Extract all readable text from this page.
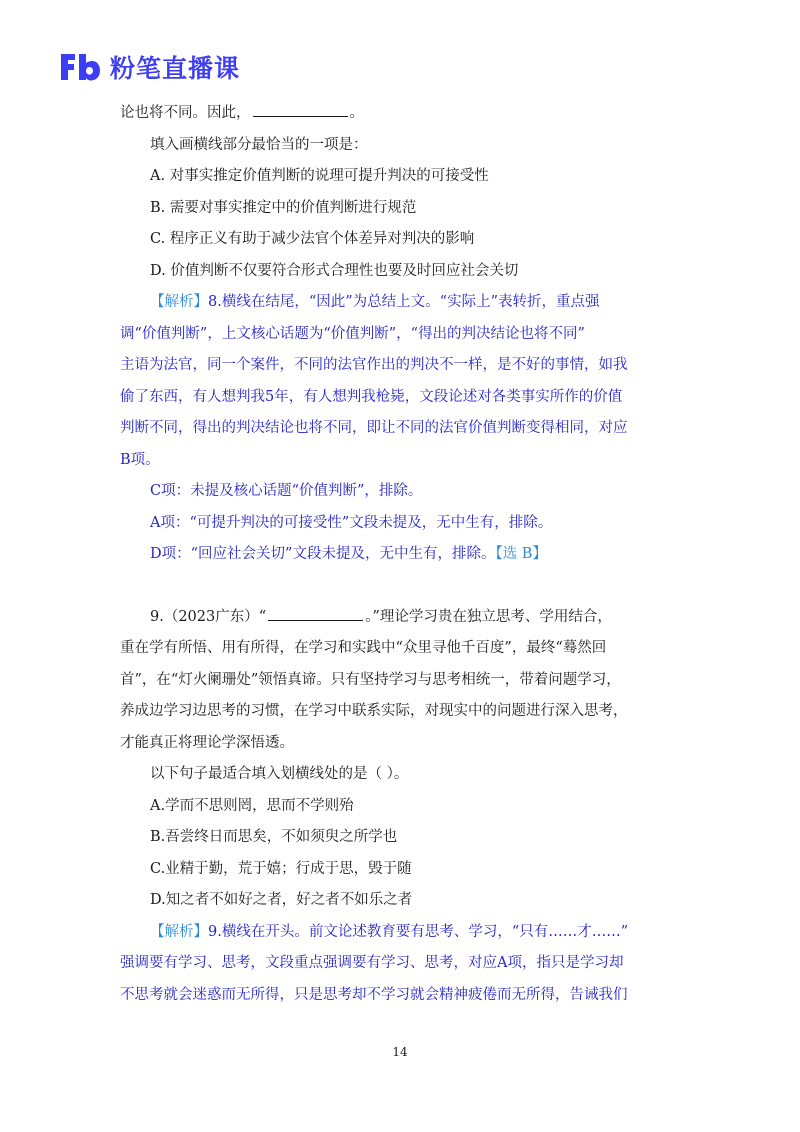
粉笔直播课
论也将不同。因此，	。
填入画横线部分最恰当的一项是：
A. 对事实推定价值判断的说理可提升判决的可接受性
B. 需要对事实推定中的价值判断进行规范
C. 程序正义有助于减少法官个体差异对判决的影响
D. 价值判断不仅要符合形式合理性也要及时回应社会关切
【解析】8.横线在结尾，“因此”为总结上文。“实际上”表转折，重点强
调“价值判断”，上文核心话题为“价值判断”，“得出的判决结论也将不同”
主语为法官，同一个案件，不同的法官作出的判决不一样，是不好的事情，如我
偷了东西，有人想判我5年，有人想判我枪毙，文段论述对各类事实所作的价值
判断不同，得出的判决结论也将不同，即让不同的法官价值判断变得相同，对应
B项。
C项：未提及核心话题“价值判断”，排除。
A项：“可提升判决的可接受性”文段未提及，无中生有，排除。
D项：“回应社会关切”文段未提及，无中生有，排除。【选 B】
9.（2023广东）“	。”理论学习贵在独立思考、学用结合，
重在学有所悟、用有所得，在学习和实践中“众里寻他千百度”，最终“蓦然回
首”，在“灯火阑珊处”领悟真谛。只有坚持学习与思考相统一，带着问题学习，
养成边学习边思考的习惯，在学习中联系实际，对现实中的问题进行深入思考，
才能真正将理论学深悟透。
以下句子最适合填入划横线处的是（ ）。
A.学而不思则罔，思而不学则殆
B.吾尝终日而思矣，不如须臾之所学也
C.业精于勤，荒于嬉；行成于思，毁于随
D.知之者不如好之者，好之者不如乐之者
【解析】9.横线在开头。前文论述教育要有思考、学习，“只有……才……”
强调要有学习、思考，文段重点强调要有学习、思考，对应A项，指只是学习却
不思考就会迷惑而无所得，只是思考却不学习就会精神疲倦而无所得，告诫我们
14
